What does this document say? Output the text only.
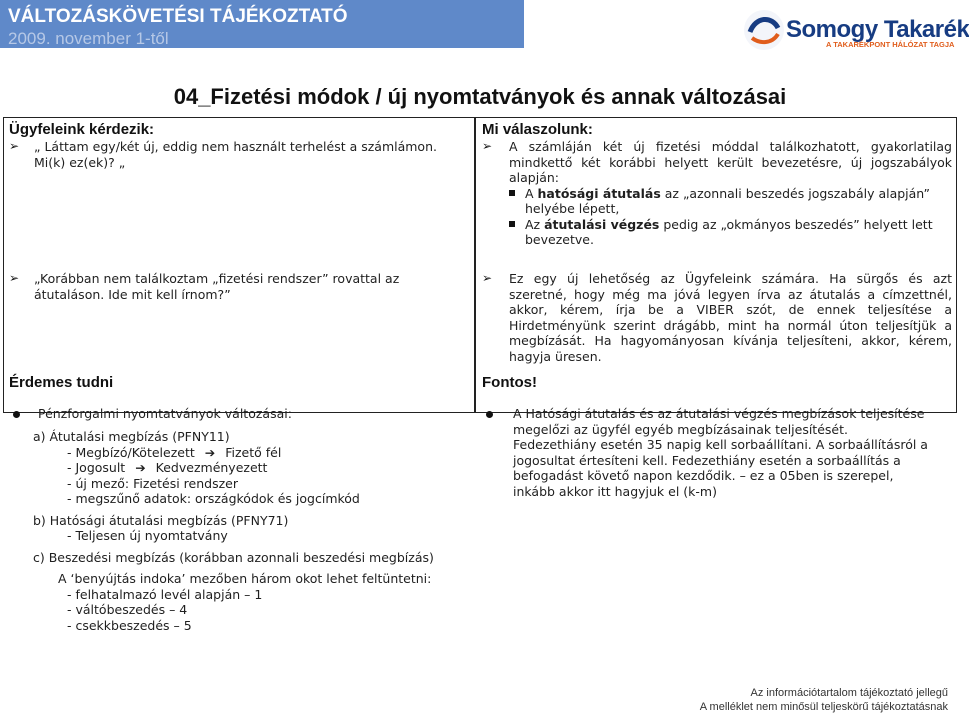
VÁLTOZÁSKÖVETÉSI TÁJÉKOZTATÓ
2009. november 1-től	Somogy Takarék
A TAKARÉKPONT HÁLÓZAT TAGJA
04_Fizetési módok / új nyomtatványok és annak változásai
Ügyfeleink kérdezik:
➢ „ Láttam egy/két új, eddig nem használt terhelést a számlámon.
Mi(k) ez(ek)? „
➢ „Korábban nem találkoztam „fizetési rendszer” rovattal az
átutaláson. Ide mit kell írnom?”
Érdemes tudni
Pénzforgalmi nyomtatványok változásai:
a) Átutalási megbízás (PFNY11)
- Megbízó/Kötelezett ➔ Fizető fél
- Jogosult ➔ Kedvezményezett
- új mező: Fizetési rendszer
- megszűnő adatok: országkódok és jogcímkód
b) Hatósági átutalási megbízás (PFNY71)
- Teljesen új nyomtatvány
c) Beszedési megbízás (korábban azonnali beszedési megbízás)
A ‘benyújtás indoka’ mezőben három okot lehet feltüntetni:
- felhatalmazó levél alapján – 1
- váltóbeszedés – 4
- csekkbeszedés – 5
Mi válaszolunk:
➢ A számláján két új fizetési móddal találkozhatott, gyakorlatilag
mindkettő két korábbi helyett került bevezetésre, új jogszabályok
alapján:
A hatósági átutalás az „azonnali beszedés jogszabály alapján”
helyébe lépett,
Az átutalási végzés pedig az „okmányos beszedés” helyett lett
bevezetve.
➢ Ez egy új lehetőség az Ügyfeleink számára. Ha sürgős és azt
szeretné, hogy még ma jóvá legyen írva az átutalás a címzettnél,
akkor, kérem, írja be a VIBER szót, de ennek teljesítése a
Hirdetményünk szerint drágább, mint ha normál úton teljesítjük a
megbízását. Ha hagyományosan kívánja teljesíteni, akkor, kérem,
hagyja üresen.
Fontos!
A Hatósági átutalás és az átutalási végzés megbízások teljesítése
megelőzi az ügyfél egyéb megbízásainak teljesítését.
Fedezethiány esetén 35 napig kell sorbaállítani. A sorbaállításról a
jogosultat értesíteni kell. Fedezethiány esetén a sorbaállítás a
befogadást követő napon kezdődik. – ez a 05ben is szerepel,
inkább akkor itt hagyjuk el (k-m)
Az információtartalom tájékoztató jellegű
A melléklet nem minősül teljeskörű tájékoztatásnak
